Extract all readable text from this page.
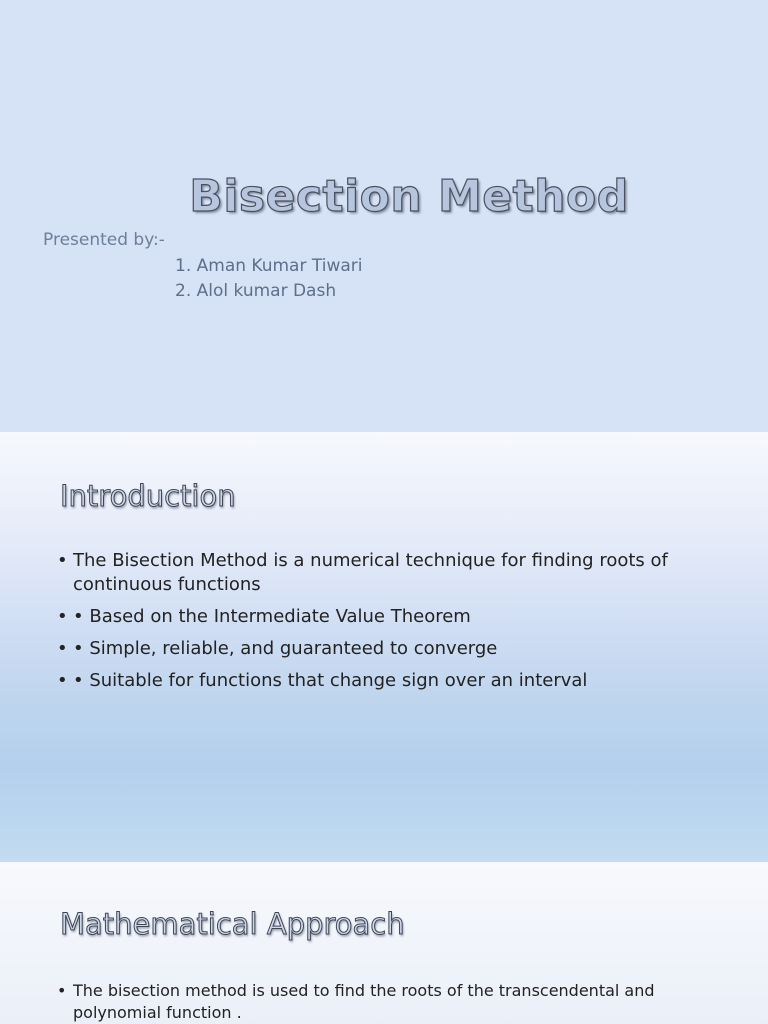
Bisection Method
Presented by:-
1. Aman Kumar Tiwari
2. Alol kumar Dash
Introduction
• The Bisection Method is a numerical technique for finding roots of continuous functions
• • Based on the Intermediate Value Theorem
• • Simple, reliable, and guaranteed to converge
• • Suitable for functions that change sign over an interval
Mathematical Approach
• The bisection method is used to find the roots of the transcendental and polynomial function .
